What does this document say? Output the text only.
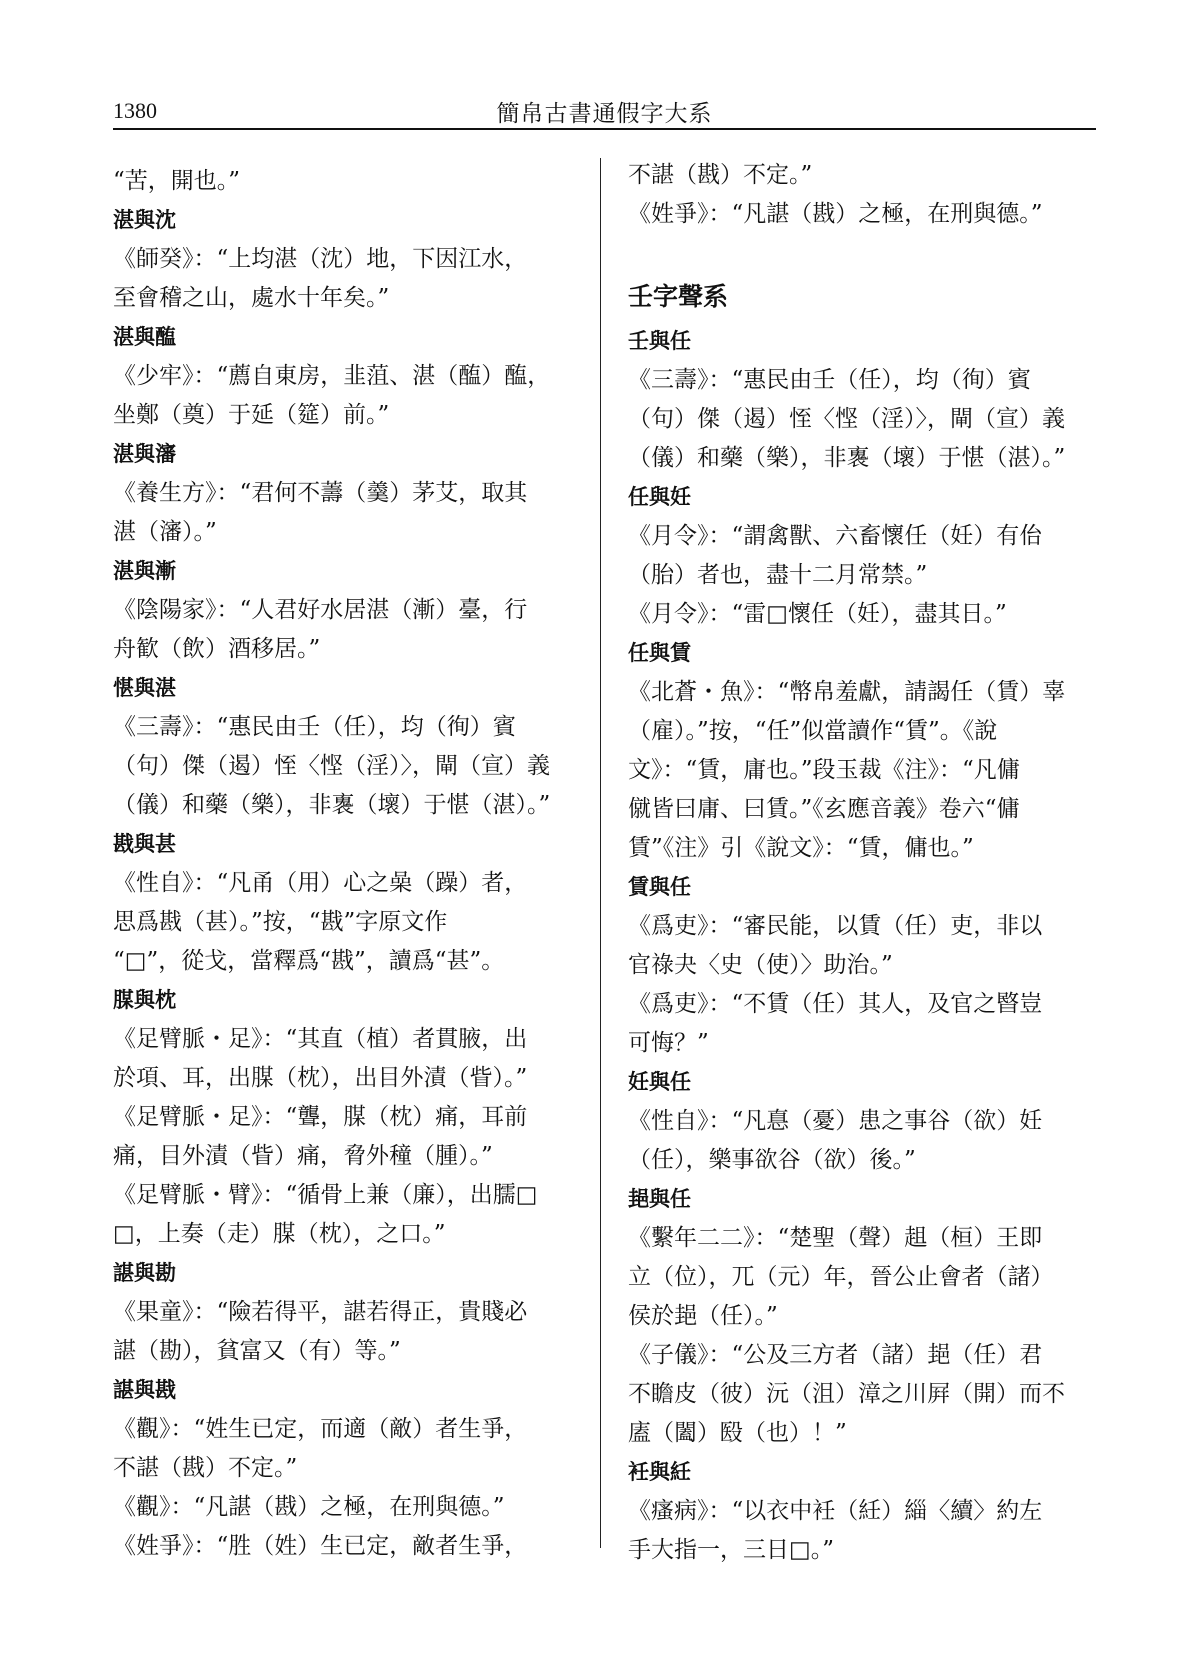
1380	簡帛古書通假字大系
“苦，開也。”
湛與沈
《師癸》：“上均湛（沈）地，下因江水，
至會稽之山，處水十年矣。”
湛與醢
《少牢》：“薦自東房，韭菹、湛（醢）醢，
坐鄭（奠）于延（筵）前。”
湛與瀋
《養生方》：“君何不薵（羹）茅艾，取其
湛（瀋）。”
湛與漸
《陰陽家》：“人君好水居湛（漸）臺，行
舟歓（飲）酒移居。”
愖與湛
《三壽》：“惠民由壬（任），均（徇）賓
（句）傑（遏）恎〈悭（淫）〉，閘（宣）義
（儀）和藥（樂），非褢（壞）于愖（湛）。”
戡與甚
《性自》：“凡甬（用）心之喿（躁）者，
思爲戡（甚）。”按，“戡”字原文作
“□”，從戈，當釋爲“戡”，讀爲“甚”。
腜與枕
《足臂脈・足》：“其直（植）者貫腋，出
於項、耳，出腜（枕），出目外漬（眥）。”
《足臂脈・足》：“聾，腜（枕）痛，耳前
痛，目外漬（眥）痛，脅外穜（腫）。”
《足臂脈・臂》：“循骨上兼（廉），出臑□
□，上奏（走）腜（枕），之口。”
諶與勘
《果童》：“險若得平，諶若得正，貴賤必
諶（勘），貧富又（有）等。”
諶與戡
《觀》：“姓生已定，而適（敵）者生爭，
不諶（戡）不定。”
《觀》：“凡諶（戡）之極，在刑與德。”
《姓爭》：“胜（姓）生已定，敵者生爭，
不諶（戡）不定。”
《姓爭》：“凡諶（戡）之極，在刑與德。”
壬字聲系
壬與任
《三壽》：“惠民由壬（任），均（徇）賓
（句）傑（遏）恎〈悭（淫）〉，閘（宣）義
（儀）和藥（樂），非褢（壞）于愖（湛）。”
任與妊
《月令》：“謂禽獸、六畜懷任（妊）有佁
（胎）者也，盡十二月常禁。”
《月令》：“雷□懷任（妊），盡其日。”
任與賃
《北蒼・魚》：“幣帛羞獻，請謁任（賃）辜
（雇）。”按，“任”似當讀作“賃”。《說
文》：“賃，庸也。”段玉裁《注》：“凡傭
僦皆曰庸、曰賃。”《玄應音義》卷六“傭
賃”《注》引《說文》：“賃，傭也。”
賃與任
《爲吏》：“審民能，以賃（任）吏，非以
官祿夬〈史（使）〉助治。”
《爲吏》：“不賃（任）其人，及官之暋豈
可悔？”
妊與任
《性自》：“凡惪（憂）患之事谷（欲）妊
（任），樂事欲谷（欲）後。”
郌與任
《繫年二二》：“楚聖（聲）趄（桓）王即
立（位），兀（元）年，晉公止會者（諸）
侯於郌（任）。”
《子儀》：“公及三方者（諸）郌（任）君
不瞻皮（彼）沅（沮）漳之川屛（開）而不
廅（闔）殹（也）！”
衽與紝
《瘙病》：“以衣中衽（紝）緇〈續〉約左
手大指一，三日□。”
